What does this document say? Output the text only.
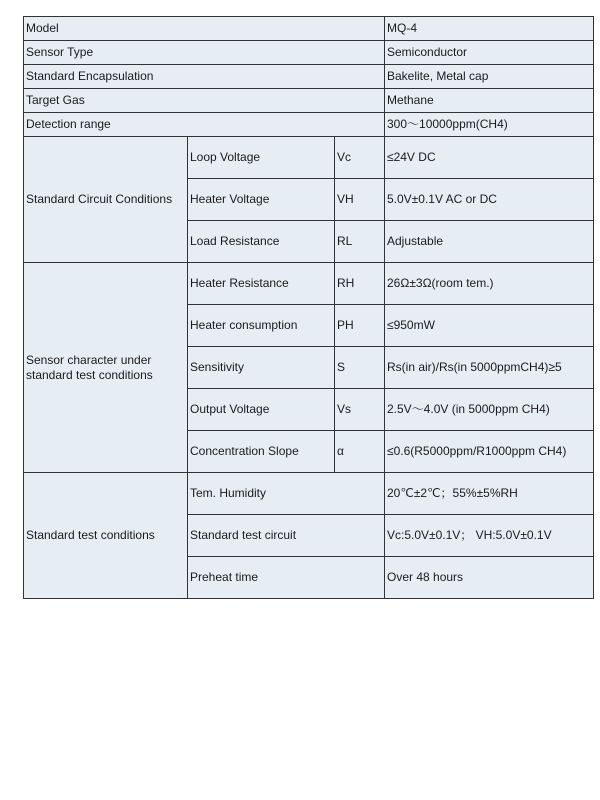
Model			MQ-4
Sensor Type			Semiconductor
Standard Encapsulation			Bakelite, Metal cap
Target Gas			Methane
Detection range			300～10000ppm(CH4)
Standard Circuit Conditions	Loop Voltage	Vc	≤24V DC
	Heater Voltage	VH	5.0V±0.1V AC or DC
	Load Resistance	RL	Adjustable
Sensor character under standard test conditions	Heater Resistance	RH	26Ω±3Ω(room tem.)
	Heater consumption	PH	≤950mW
	Sensitivity	S	Rs(in air)/Rs(in 5000ppmCH4)≥5
	Output Voltage	Vs	2.5V～4.0V (in 5000ppm CH4)
	Concentration Slope	α	≤0.6(R5000ppm/R1000ppm CH4)
Standard test conditions	Tem. Humidity		20℃±2℃；55%±5%RH
	Standard test circuit		Vc:5.0V±0.1V； VH:5.0V±0.1V
	Preheat time		Over 48 hours
